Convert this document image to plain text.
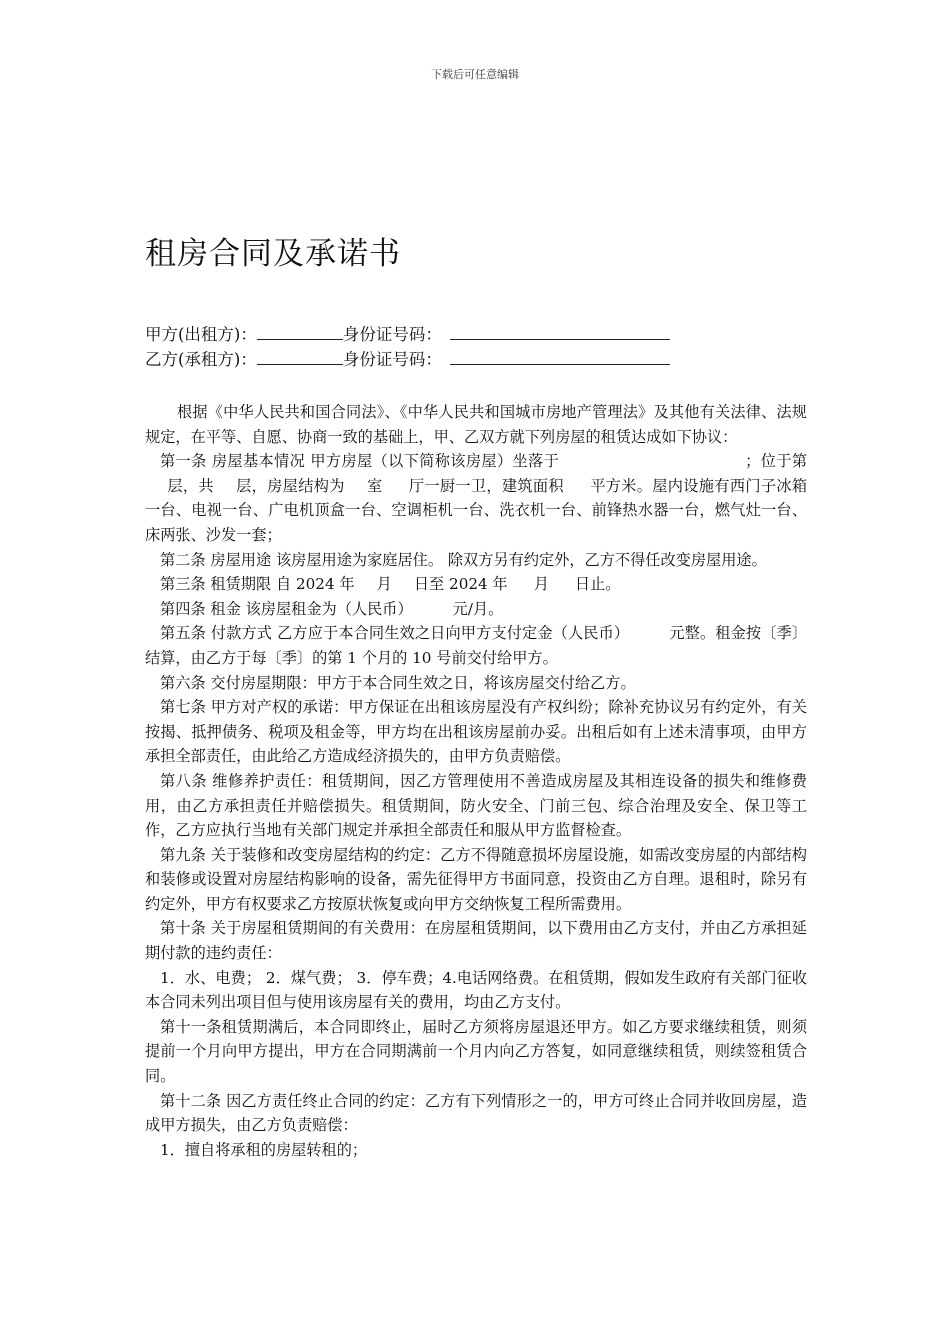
下载后可任意编辑
租房合同及承诺书
甲方(出租方)：	身份证号码：
乙方(承租方)：	身份证号码：

根据《中华人民共和国合同法》、《中华人民共和国城市房地产管理法》及其他有关法律、法规规定，在平等、自愿、协商一致的基础上，甲、乙双方就下列房屋的租赁达成如下协议：

第一条 房屋基本情况 甲方房屋（以下简称该房屋）坐落于	；位于第层，共 层，房屋结构为 室 厅一厨一卫，建筑面积 平方米。屋内设施有西门子冰箱一台、电视一台、广电机顶盒一台、空调柜机一台、洗衣机一台、前锋热水器一台，燃气灶一台、床两张、沙发一套；

第二条 房屋用途 该房屋用途为家庭居住。 除双方另有约定外，乙方不得任改变房屋用途。

第三条 租赁期限 自 2024 年 月 日至 2024 年 月 日止。

第四条 租金 该房屋租金为（人民币）	元/月。

第五条 付款方式 乙方应于本合同生效之日向甲方支付定金（人民币）	元整。租金按〔季〕结算，由乙方于每〔季〕的第 1 个月的 10 号前交付给甲方。

第六条 交付房屋期限：甲方于本合同生效之日，将该房屋交付给乙方。

第七条 甲方对产权的承诺：甲方保证在出租该房屋没有产权纠纷；除补充协议另有约定外，有关按揭、抵押债务、税项及租金等，甲方均在出租该房屋前办妥。出租后如有上述未清事项，由甲方承担全部责任，由此给乙方造成经济损失的，由甲方负责赔偿。

第八条 维修养护责任：租赁期间，因乙方管理使用不善造成房屋及其相连设备的损失和维修费用，由乙方承担责任并赔偿损失。租赁期间，防火安全、门前三包、综合治理及安全、保卫等工作，乙方应执行当地有关部门规定并承担全部责任和服从甲方监督检查。

第九条 关于装修和改变房屋结构的约定：乙方不得随意损坏房屋设施，如需改变房屋的内部结构和装修或设置对房屋结构影响的设备，需先征得甲方书面同意，投资由乙方自理。退租时，除另有约定外，甲方有权要求乙方按原状恢复或向甲方交纳恢复工程所需费用。

第十条 关于房屋租赁期间的有关费用：在房屋租赁期间，以下费用由乙方支付，并由乙方承担延期付款的违约责任：

1．水、电费； 2．煤气费； 3．停车费；4.电话网络费。在租赁期，假如发生政府有关部门征收本合同未列出项目但与使用该房屋有关的费用，均由乙方支付。

第十一条租赁期满后，本合同即终止，届时乙方须将房屋退还甲方。如乙方要求继续租赁，则须提前一个月向甲方提出，甲方在合同期满前一个月内向乙方答复，如同意继续租赁，则续签租赁合同。

第十二条 因乙方责任终止合同的约定：乙方有下列情形之一的，甲方可终止合同并收回房屋，造成甲方损失，由乙方负责赔偿：

1．擅自将承租的房屋转租的；
